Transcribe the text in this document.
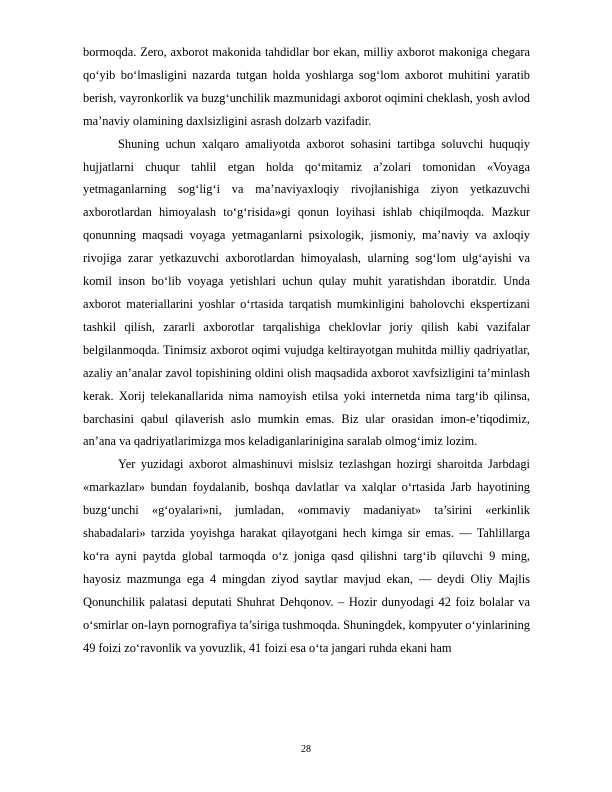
bormoqda. Zero, axborot makonida tahdidlar bor ekan, milliy axborot makoniga chegara qo‘yib bo‘lmasligini nazarda tutgan holda yoshlarga sog‘lom axborot muhitini yaratib berish, vayronkorlik va buzg‘unchilik mazmunidagi axborot oqimini cheklash, yosh avlod ma’naviy olamining daxlsizligini asrash dolzarb vazifadir.

Shuning uchun xalqaro amaliyotda axborot sohasini tartibga soluvchi huquqiy hujjatlarni chuqur tahlil etgan holda qo‘mitamiz a’zolari tomonidan «Voyaga yetmaganlarning sog‘lig‘i va ma’naviyaxloqiy rivojlanishiga ziyon yetkazuvchi axborotlardan himoyalash to‘g‘risida»gi qonun loyihasi ishlab chiqilmoqda. Mazkur qonunning maqsadi voyaga yetmaganlarni psixologik, jismoniy, ma’naviy va axloqiy rivojiga zarar yetkazuvchi axborotlardan himoyalash, ularning sog‘lom ulg‘ayishi va komil inson bo‘lib voyaga yetishlari uchun qulay muhit yaratishdan iboratdir. Unda axborot materiallarini yoshlar o‘rtasida tarqatish mumkinligini baholovchi ekspertizani tashkil qilish, zararli axborotlar tarqalishiga cheklovlar joriy qilish kabi vazifalar belgilanmoqda. Tinimsiz axborot oqimi vujudga keltirayotgan muhitda milliy qadriyatlar, azaliy an’analar zavol topishining oldini olish maqsadida axborot xavfsizligini ta’minlash kerak. Xorij telekanallarida nima namoyish etilsa yoki internetda nima targ‘ib qilinsa, barchasini qabul qilaverish aslo mumkin emas. Biz ular orasidan imon-e’tiqodimiz, an’ana va qadriyatlarimizga mos keladiganlarinigina saralab olmog‘imiz lozim.

Yer yuzidagi axborot almashinuvi mislsiz tezlashgan hozirgi sharoitda Jarbdagi «markazlar» bundan foydalanib, boshqa davlatlar va xalqlar o‘rtasida Jarb hayotining buzg‘unchi «g‘oyalari»ni, jumladan, «ommaviy madaniyat» ta’sirini «erkinlik shabadalari» tarzida yoyishga harakat qilayotgani hech kimga sir emas. — Tahlillarga ko‘ra ayni paytda global tarmoqda o‘z joniga qasd qilishni targ‘ib qiluvchi 9 ming, hayosiz mazmunga ega 4 mingdan ziyod saytlar mavjud ekan, — deydi Oliy Majlis Qonunchilik palatasi deputati Shuhrat Dehqonov. – Hozir dunyodagi 42 foiz bolalar va o‘smirlar on-layn pornografiya ta’siriga tushmoqda. Shuningdek, kompyuter o‘yinlarining 49 foizi zo‘ravonlik va yovuzlik, 41 foizi esa o‘ta jangari ruhda ekani ham

28
